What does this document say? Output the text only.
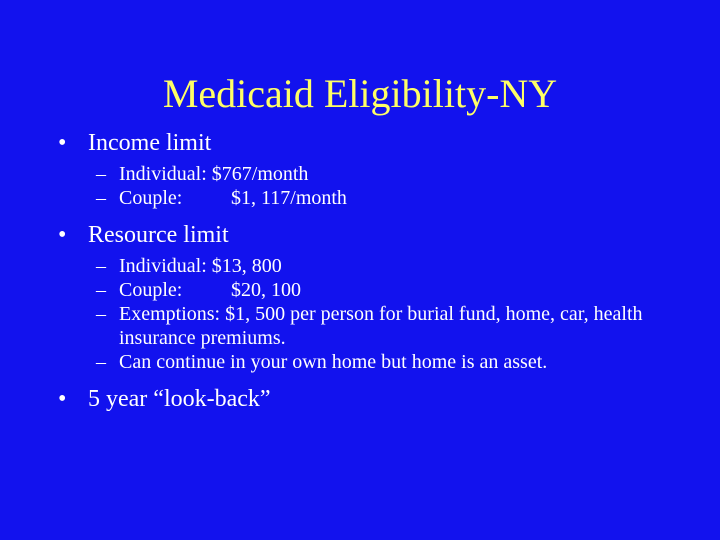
Medicaid Eligibility-NY
• Income limit
– Individual: $767/month
– Couple: $1, 117/month
• Resource limit
– Individual: $13, 800
– Couple: $20, 100
– Exemptions: $1, 500 per person for burial fund, home, car, health insurance premiums.
– Can continue in your own home but home is an asset.
• 5 year “look-back”
